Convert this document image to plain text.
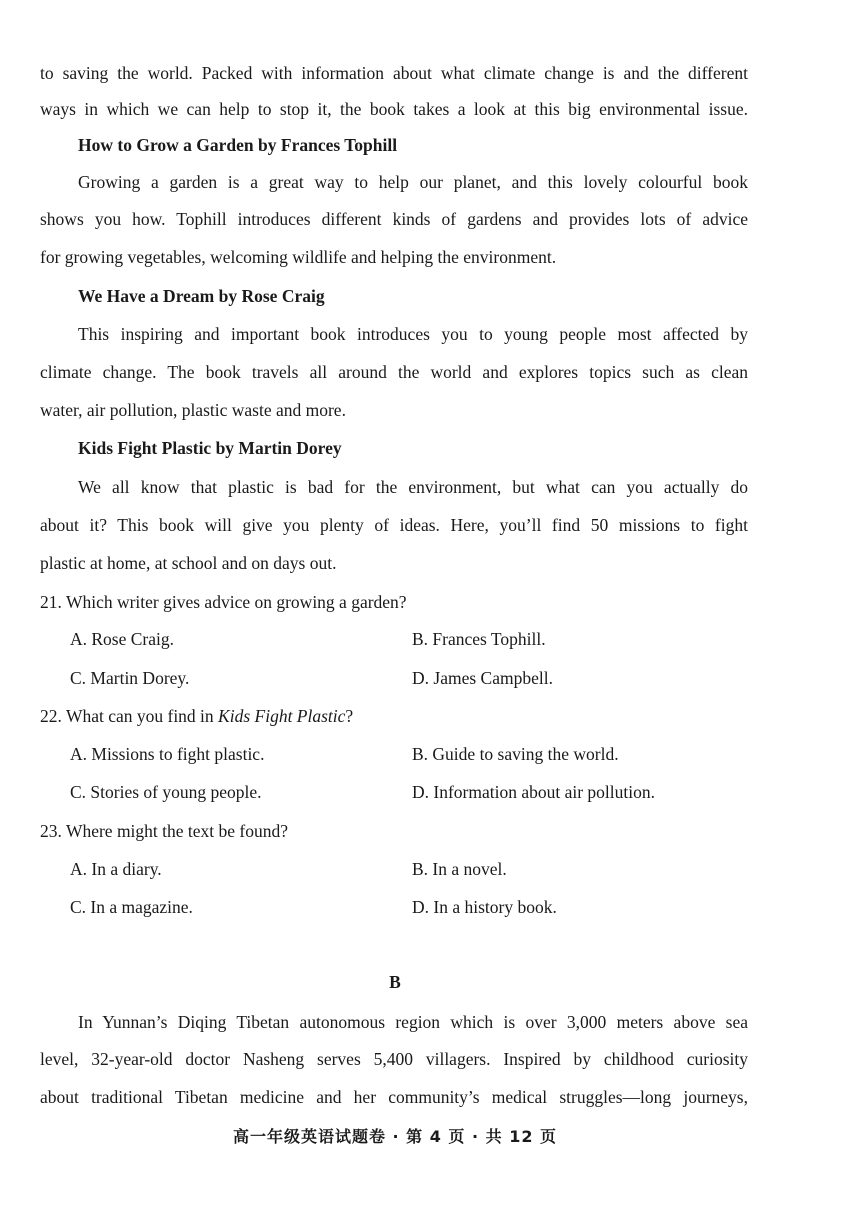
to saving the world. Packed with information about what climate change is and the different
ways in which we can help to stop it, the book takes a look at this big environmental issue.
How to Grow a Garden by Frances Tophill
Growing a garden is a great way to help our planet, and this lovely colourful book
shows you how. Tophill introduces different kinds of gardens and provides lots of advice
for growing vegetables, welcoming wildlife and helping the environment.
We Have a Dream by Rose Craig
This inspiring and important book introduces you to young people most affected by
climate change. The book travels all around the world and explores topics such as clean
water, air pollution, plastic waste and more.
Kids Fight Plastic by Martin Dorey
We all know that plastic is bad for the environment, but what can you actually do
about it? This book will give you plenty of ideas. Here, you’ll find 50 missions to fight
plastic at home, at school and on days out.
21. Which writer gives advice on growing a garden?
A. Rose Craig.	B. Frances Tophill.
C. Martin Dorey.	D. James Campbell.
22. What can you find in Kids Fight Plastic?
A. Missions to fight plastic.	B. Guide to saving the world.
C. Stories of young people.	D. Information about air pollution.
23. Where might the text be found?
A. In a diary.	B. In a novel.
C. In a magazine.	D. In a history book.
B
In Yunnan’s Diqing Tibetan autonomous region which is over 3,000 meters above sea
level, 32-year-old doctor Nasheng serves 5,400 villagers. Inspired by childhood curiosity
about traditional Tibetan medicine and her community’s medical struggles—long journeys,
高一年级英语试题卷 · 第 4 页 · 共 12 页
